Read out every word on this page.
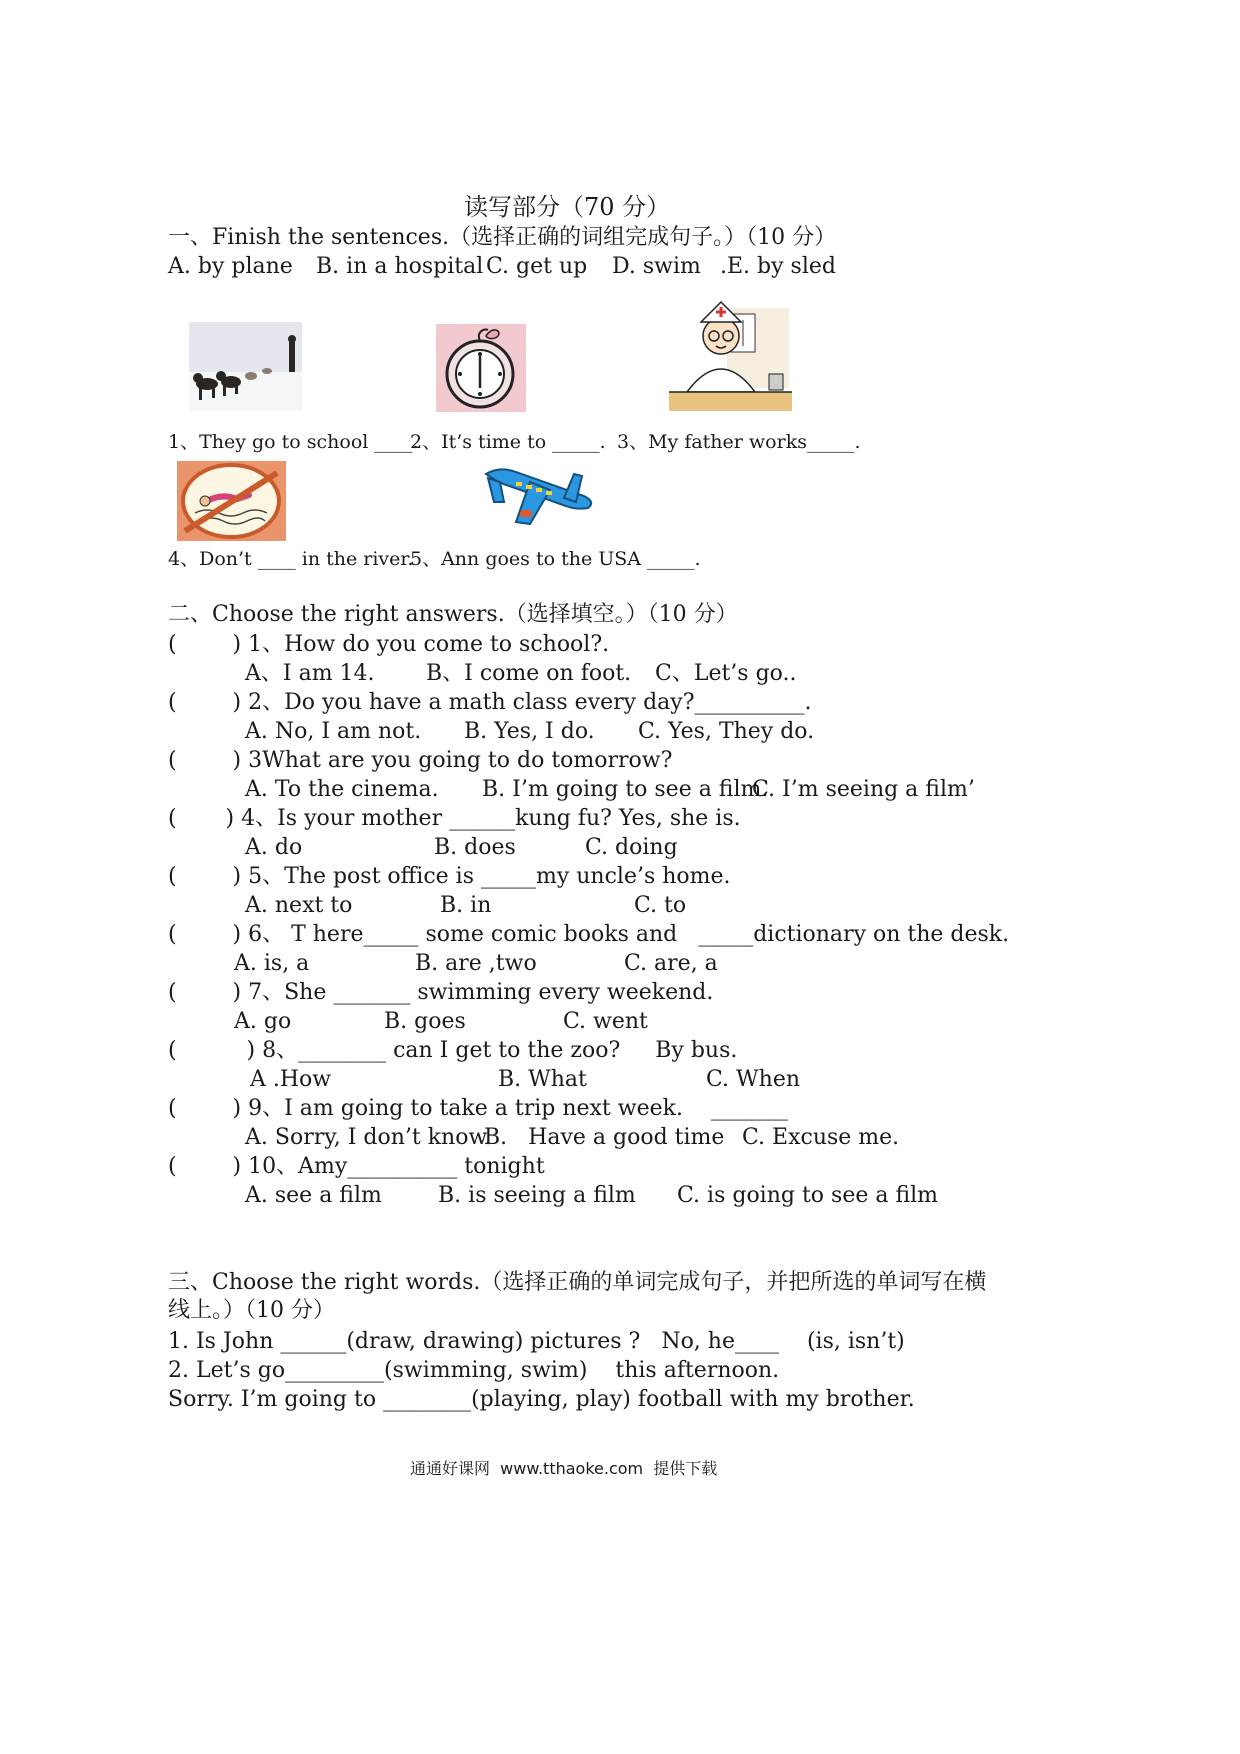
读写部分（70 分）
一、Finish the sentences.（选择正确的词组完成句子。）（10 分）
A. by plane B. in a hospital C. get up D. swim .E. by sled
1、They go to school ____.
2、It’s time to _____. 3、My father works_____.
4、Don’t ____ in the river.
5、Ann goes to the USA _____.
二、Choose the right answers.（选择填空。）（10 分）
(        ) 1、How do you come to school?.
A、I am 14. B、I come on foot. C、Let’s go..
(        ) 2、Do you have a math class every day?__________.
A. No, I am not. B. Yes, I do. C. Yes, They do.
(        ) 3What are you going to do tomorrow?
A. To the cinema. B. I’m going to see a film.
C. I’m seeing a film’
(       ) 4、Is your mother ______kung fu? Yes, she is.
A. do	B. does	C. doing
(        ) 5、The post office is _____my uncle’s home.
A. next to	B. in	C. to
(        ) 6、 T here_____ some comic books and   _____dictionary on the desk.
A. is, a	B. are ,two	C. are, a
(        ) 7、She _______ swimming every weekend.
A. go	B. goes	C. went
(          ) 8、________ can I get to the zoo?     By bus.
A .How	B. What	C. When
(        ) 9、I am going to take a trip next week.    _______
A. Sorry, I don’t know.
B.   Have a good time C. Excuse me.
(        ) 10、Amy__________ tonight
A. see a film	B. is seeing a film C. is going to see a film
三、Choose the right words.（选择正确的单词完成句子，并把所选的单词写在横
线上。）（10 分）
1. Is John ______(draw, drawing) pictures ?   No, he____    (is, isn’t)
2. Let’s go_________(swimming, swim)    this afternoon.
Sorry. I’m going to ________(playing, play) football with my brother.
通通好课网  www.tthaoke.com  提供下载
